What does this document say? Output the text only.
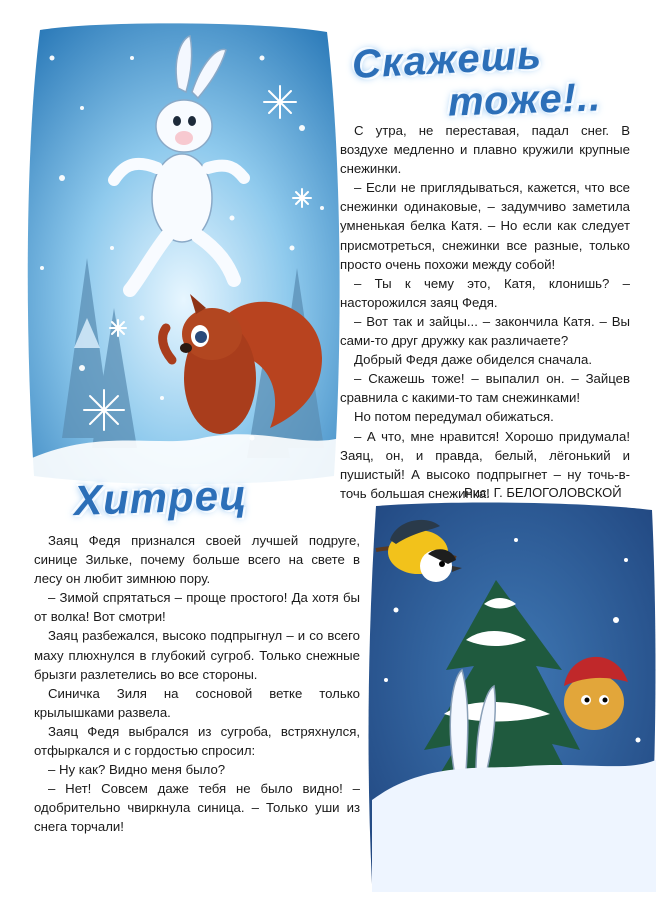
Скажешь
тоже!..

С утра, не переставая, падал снег. В воздухе медленно и плавно кружили крупные снежинки.

– Если не приглядываться, кажется, что все снежинки одинаковые, – задумчиво заметила умненькая белка Катя. – Но если как следует присмотреться, снежинки все разные, только просто очень похожи между собой!

– Ты к чему это, Катя, клонишь? – насторожился заяц Федя.

– Вот так и зайцы... – закончила Катя. – Вы сами-то друг дружку как различаете?

Добрый Федя даже обиделся сначала.

– Скажешь тоже! – выпалил он. – Зайцев сравнила с какими-то там снежинками!

Но потом передумал обижаться.

– А что, мне нравится! Хорошо придумала! Заяц, он, и правда, белый, лёгонький и пушистый! А высоко подпрыгнет – ну точь-в-точь большая снежинка!

Рис. Г. БЕЛОГОЛОВСКОЙ
Хитрец

Заяц Федя признался своей лучшей подруге, синице Зильке, почему больше всего на свете в лесу он любит зимнюю пору.

– Зимой спрятаться – проще простого! Да хотя бы от волка! Вот смотри!

Заяц разбежался, высоко подпрыгнул – и со всего маху плюхнулся в глубокий сугроб. Только снежные брызги разлетелись во все стороны.

Синичка Зиля на сосновой ветке только крылышками развела.

Заяц Федя выбрался из сугроба, встряхнулся, отфыркался и с гордостью спросил:

– Ну как? Видно меня было?

– Нет! Совсем даже тебя не было видно! – одобрительно чвиркнула синица. – Только уши из снега торчали!
